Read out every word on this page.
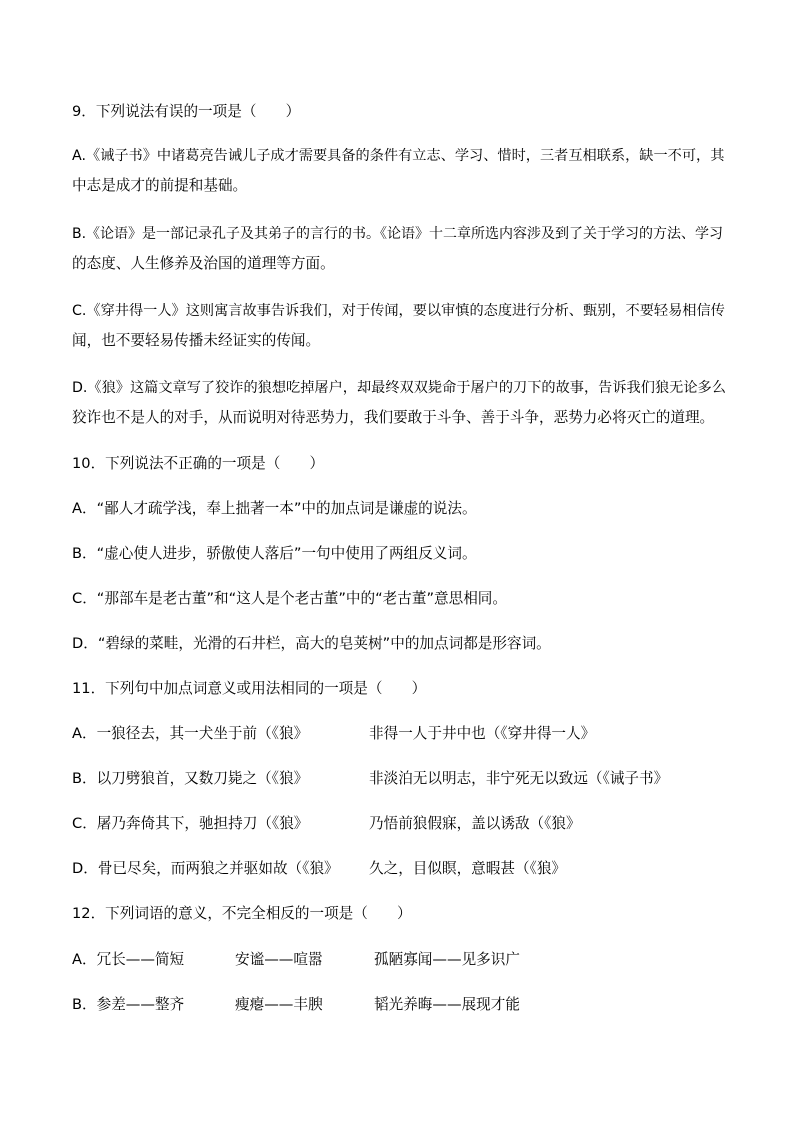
9．下列说法有误的一项是（　　）
A.《诫子书》中诸葛亮告诫儿子成才需要具备的条件有立志、学习、惜时，三者互相联系，缺一不可，其
中志是成才的前提和基础。
B.《论语》是一部记录孔子及其弟子的言行的书。《论语》十二章所选内容涉及到了关于学习的方法、学习
的态度、人生修养及治国的道理等方面。
C.《穿井得一人》这则寓言故事告诉我们，对于传闻，要以审慎的态度进行分析、甄别，不要轻易相信传
闻，也不要轻易传播未经证实的传闻。
D.《狼》这篇文章写了狡诈的狼想吃掉屠户，却最终双双毙命于屠户的刀下的故事，告诉我们狼无论多么
狡诈也不是人的对手，从而说明对待恶势力，我们要敢于斗争、善于斗争，恶势力必将灭亡的道理。
10．下列说法不正确的一项是（　　）
A．“鄙人才疏学浅，奉上拙著一本”中的加点词是谦虚的说法。
B．“虚心使人进步，骄傲使人落后”一句中使用了两组反义词。
C．“那部车是老古董”和“这人是个老古董”中的“老古董”意思相同。
D．“碧绿的菜畦，光滑的石井栏，高大的皂荚树”中的加点词都是形容词。
11．下列句中加点词意义或用法相同的一项是（　　）
A．一狼径去，其一犬坐于前（《狼》	非得一人于井中也（《穿井得一人》
B．以刀劈狼首，又数刀毙之（《狼》	非淡泊无以明志，非宁死无以致远（《诫子书》
C．屠乃奔倚其下，驰担持刀（《狼》	乃悟前狼假寐，盖以诱敌（《狼》
D．骨已尽矣，而两狼之并驱如故（《狼》 久之，目似瞑，意暇甚（《狼》
12．下列词语的意义，不完全相反的一项是（　　）
A．冗长——简短	安谧——喧嚣	孤陋寡闻——见多识广
B．参差——整齐	瘦瘪——丰腴	韬光养晦——展现才能
